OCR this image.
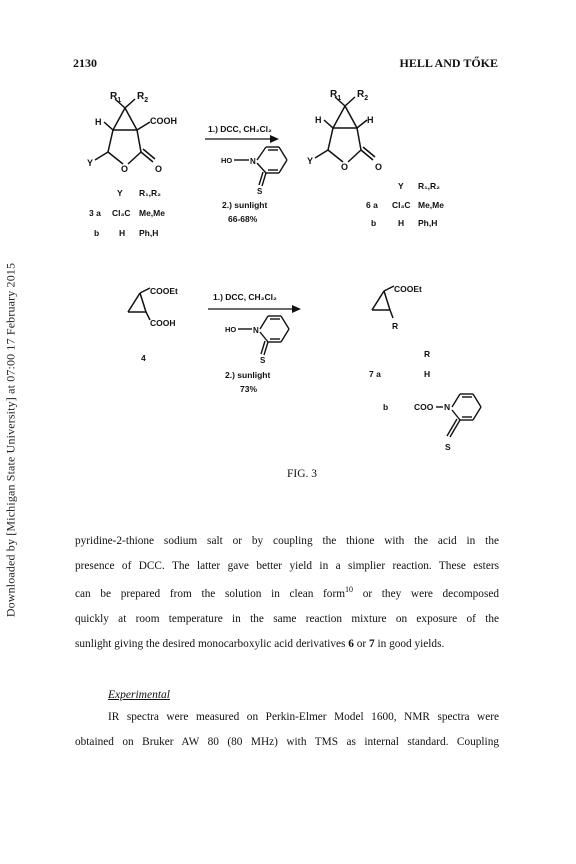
Downloaded by [Michigan State University] at 07:00 17 February 2015
2130	HELL AND TŐKE
$R_1$ $R_2$
H	COOH
Y
O	O
1.) DCC, CH₂Cl₂
HO N
S
2.) sunlight
66-68%
$R_1$ $R_2$
H	H
Y
O	O
Y R₁,R₂
3 a Cl₃C Me,Me
b H Ph,H
Y R₁,R₂
6 a Cl₃C Me,Me
b	H Ph,H
COOEt
COOH
4
1.) DCC, CH₂Cl₂
HO N
S
2.) sunlight
73%
COOEt
R
R
7 a	H
b	COO N
S
FIG. 3
pyridine-2-thione sodium salt or by coupling the thione with the acid in the
presence of DCC. The latter gave better yield in a simplier reaction. These esters
can be prepared from the solution in clean form$^{10}$ or they were decomposed
quickly at room temperature in the same reaction mixture on exposure of the
sunlight giving the desired monocarboxylic acid derivatives 6 or 7 in good yields.
Experimental
IR spectra were measured on Perkin-Elmer Model 1600, NMR spectra were
obtained on Bruker AW 80 (80 MHz) with TMS as internal standard. Coupling
